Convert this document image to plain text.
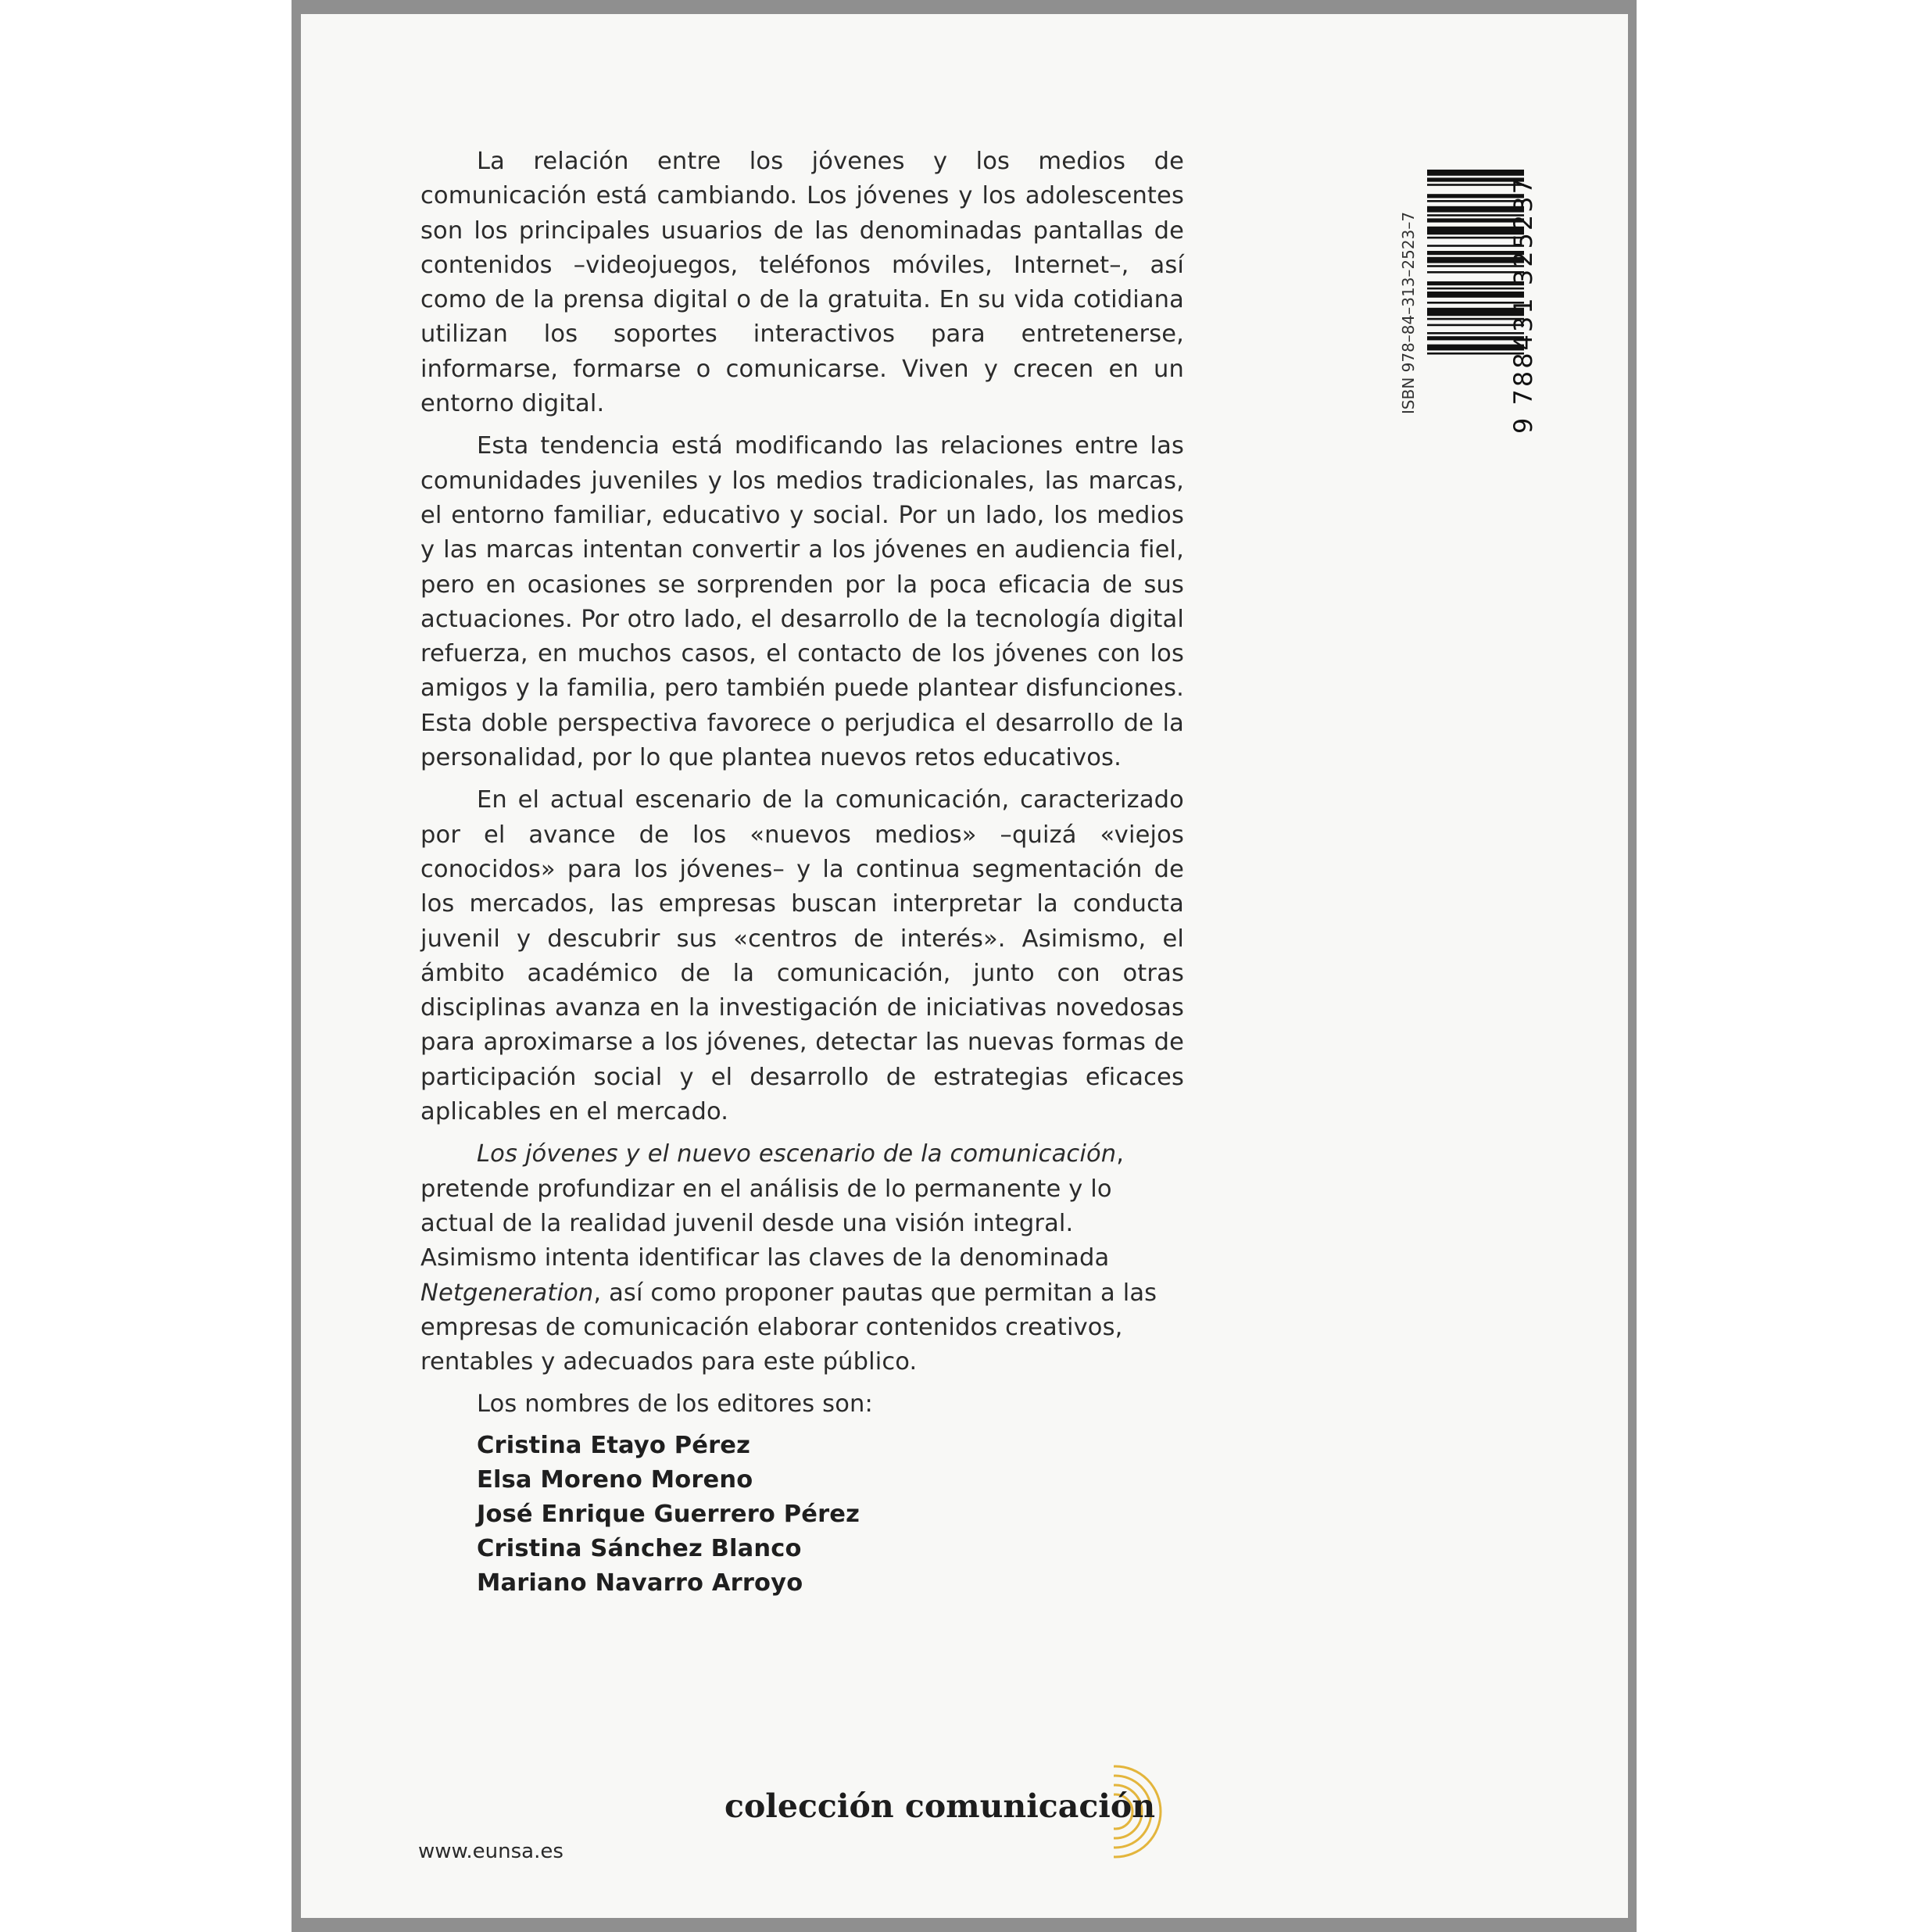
La relación entre los jóvenes y los medios de comunicación está cambiando. Los jóvenes y los adolescentes son los principales usuarios de las denominadas pantallas de contenidos –videojuegos, teléfonos móviles, Internet–, así como de la prensa digital o de la gratuita. En su vida cotidiana utilizan los soportes interactivos para entretenerse, informarse, formarse o comunicarse. Viven y crecen en un entorno digital.

Esta tendencia está modificando las relaciones entre las comunidades juveniles y los medios tradicionales, las marcas, el entorno familiar, educativo y social. Por un lado, los medios y las marcas intentan convertir a los jóvenes en audiencia fiel, pero en ocasiones se sorprenden por la poca eficacia de sus actuaciones. Por otro lado, el desarrollo de la tecnología digital refuerza, en muchos casos, el contacto de los jóvenes con los amigos y la familia, pero también puede plantear disfunciones. Esta doble perspectiva favorece o perjudica el desarrollo de la personalidad, por lo que plantea nuevos retos educativos.

En el actual escenario de la comunicación, caracterizado por el avance de los «nuevos medios» –quizá «viejos conocidos» para los jóvenes– y la continua segmentación de los mercados, las empresas buscan interpretar la conducta juvenil y descubrir sus «centros de interés». Asimismo, el ámbito académico de la comunicación, junto con otras disciplinas avanza en la investigación de iniciativas novedosas para aproximarse a los jóvenes, detectar las nuevas formas de participación social y el desarrollo de estrategias eficaces aplicables en el mercado.

Los jóvenes y el nuevo escenario de la comunicación, pretende profundizar en el análisis de lo permanente y lo actual de la realidad juvenil desde una visión integral. Asimismo intenta identificar las claves de la denominada Netgeneration, así como proponer pautas que permitan a las empresas de comunicación elaborar contenidos creativos, rentables y adecuados para este público.

Los nombres de los editores son:
Cristina Etayo Pérez
Elsa Moreno Moreno
José Enrique Guerrero Pérez
Cristina Sánchez Blanco
Mariano Navarro Arroyo
ISBN 978–84–313–2523–7	9 788431 325237
colección comunicación
www.eunsa.es
